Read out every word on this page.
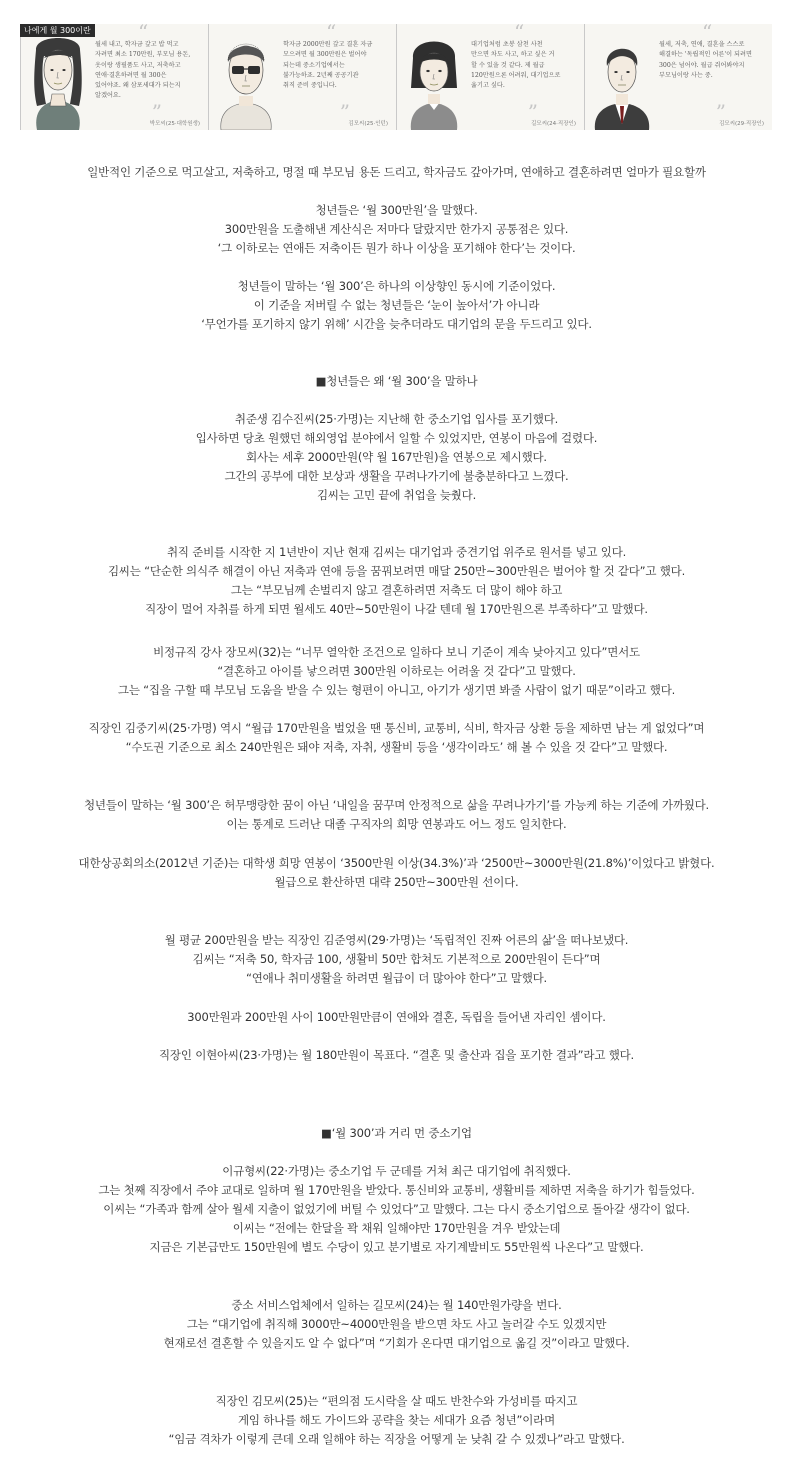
나에게 월 300이란 “
월세 내고, 학자금 갚고 밥 먹고
자려면 최소 170만원, 부모님 용돈,
옷이랑 생필품도 사고, 저축하고
연애·결혼하려면 월 300은
있어야죠. 왜 삼포세대가 되는지
알겠어요.
”
박모씨(25·대학원생)
“
학자금 2000만원 갚고 결혼 자금
모으려면 월 300만원은 벌어야
되는데 중소기업에서는
불가능하죠. 2년째 공공기관
취직 준비 중입니다.
”
김모씨(25·인턴)
“
대기업처럼 초봉 삼천 사천
만으면 차도 사고, 하고 싶은 거
할 수 있을 것 같다. 제 월급
120만원으론 어려워, 대기업으로
옮기고 싶다.
”
길모씨(24·직장인)
“
월세, 저축, 연애, 결혼을 스스로
해결하는 '독립적인 어른'이 되려면
300은 넘어야. 월급 쥐어봐야지
부모님이랑 사는 중.
”
김모씨(29·직장인)
일반적인 기준으로 먹고살고, 저축하고, 명절 때 부모님 용돈 드리고, 학자금도 갚아가며, 연애하고 결혼하려면 얼마가 필요할까
청년들은 ‘월 300만원’을 말했다.
300만원을 도출해낸 계산식은 저마다 달랐지만 한가지 공통점은 있다.
‘그 이하로는 연애든 저축이든 뭔가 하나 이상을 포기해야 한다’는 것이다.
청년들이 말하는 ‘월 300’은 하나의 이상향인 동시에 기준이었다.
이 기준을 저버릴 수 없는 청년들은 ‘눈이 높아서’가 아니라
‘무언가를 포기하지 않기 위해’ 시간을 늦추더라도 대기업의 문을 두드리고 있다.
■청년들은 왜 ‘월 300’을 말하나
취준생 김수진씨(25·가명)는 지난해 한 중소기업 입사를 포기했다.
입사하면 당초 원했던 해외영업 분야에서 일할 수 있었지만, 연봉이 마음에 걸렸다.
회사는 세후 2000만원(약 월 167만원)을 연봉으로 제시했다.
그간의 공부에 대한 보상과 생활을 꾸려나가기에 불충분하다고 느꼈다.
김씨는 고민 끝에 취업을 늦췄다.
취직 준비를 시작한 지 1년반이 지난 현재 김씨는 대기업과 중견기업 위주로 원서를 넣고 있다.
김씨는 “단순한 의식주 해결이 아닌 저축과 연애 등을 꿈꿔보려면 매달 250만~300만원은 벌어야 할 것 같다”고 했다.
그는 “부모님께 손벌리지 않고 결혼하려면 저축도 더 많이 해야 하고
직장이 멀어 자취를 하게 되면 월세도 40만~50만원이 나갈 텐데 월 170만원으론 부족하다”고 말했다.
비정규직 강사 장모씨(32)는 “너무 열악한 조건으로 일하다 보니 기준이 계속 낮아지고 있다”면서도
“결혼하고 아이를 낳으려면 300만원 이하로는 어려울 것 같다”고 말했다.
그는 “집을 구할 때 부모님 도움을 받을 수 있는 형편이 아니고, 아기가 생기면 봐줄 사람이 없기 때문”이라고 했다.
직장인 김중기씨(25·가명) 역시 “월급 170만원을 벌었을 땐 통신비, 교통비, 식비, 학자금 상환 등을 제하면 남는 게 없었다”며
“수도권 기준으로 최소 240만원은 돼야 저축, 자취, 생활비 등을 ‘생각이라도’ 해 볼 수 있을 것 같다”고 말했다.
청년들이 말하는 ‘월 300’은 허무맹랑한 꿈이 아닌 ‘내일을 꿈꾸며 안정적으로 삶을 꾸려나가기’를 가능케 하는 기준에 가까웠다.
이는 통계로 드러난 대졸 구직자의 희망 연봉과도 어느 정도 일치한다.
대한상공회의소(2012년 기준)는 대학생 희망 연봉이 ‘3500만원 이상(34.3%)’과 ‘2500만~3000만원(21.8%)’이었다고 밝혔다.
월급으로 환산하면 대략 250만~300만원 선이다.
월 평균 200만원을 받는 직장인 김준영씨(29·가명)는 ‘독립적인 진짜 어른의 삶’을 떠나보냈다.
김씨는 “저축 50, 학자금 100, 생활비 50만 합쳐도 기본적으로 200만원이 든다”며
“연애나 취미생활을 하려면 월급이 더 많아야 한다”고 말했다.
300만원과 200만원 사이 100만원만큼이 연애와 결혼, 독립을 들어낸 자리인 셈이다.
직장인 이현아씨(23·가명)는 월 180만원이 목표다. “결혼 및 출산과 집을 포기한 결과”라고 했다.
■‘월 300’과 거리 먼 중소기업
이규형씨(22·가명)는 중소기업 두 군데를 거쳐 최근 대기업에 취직했다.
그는 첫째 직장에서 주야 교대로 일하며 월 170만원을 받았다. 통신비와 교통비, 생활비를 제하면 저축을 하기가 힘들었다.
이씨는 “가족과 함께 살아 월세 지출이 없었기에 버틸 수 있었다”고 말했다. 그는 다시 중소기업으로 돌아갈 생각이 없다.
이씨는 “전에는 한달을 꽉 채워 일해야만 170만원을 겨우 받았는데
지금은 기본급만도 150만원에 별도 수당이 있고 분기별로 자기계발비도 55만원씩 나온다”고 말했다.
중소 서비스업체에서 일하는 길모씨(24)는 월 140만원가량을 번다.
그는 “대기업에 취직해 3000만~4000만원을 받으면 차도 사고 놀러갈 수도 있겠지만
현재로선 결혼할 수 있을지도 알 수 없다”며 “기회가 온다면 대기업으로 옮길 것”이라고 말했다.
직장인 김모씨(25)는 “편의점 도시락을 살 때도 반찬수와 가성비를 따지고
게임 하나를 해도 가이드와 공략을 찾는 세대가 요즘 청년”이라며
“임금 격차가 이렇게 큰데 오래 일해야 하는 직장을 어떻게 눈 낮춰 갈 수 있겠나”라고 말했다.
